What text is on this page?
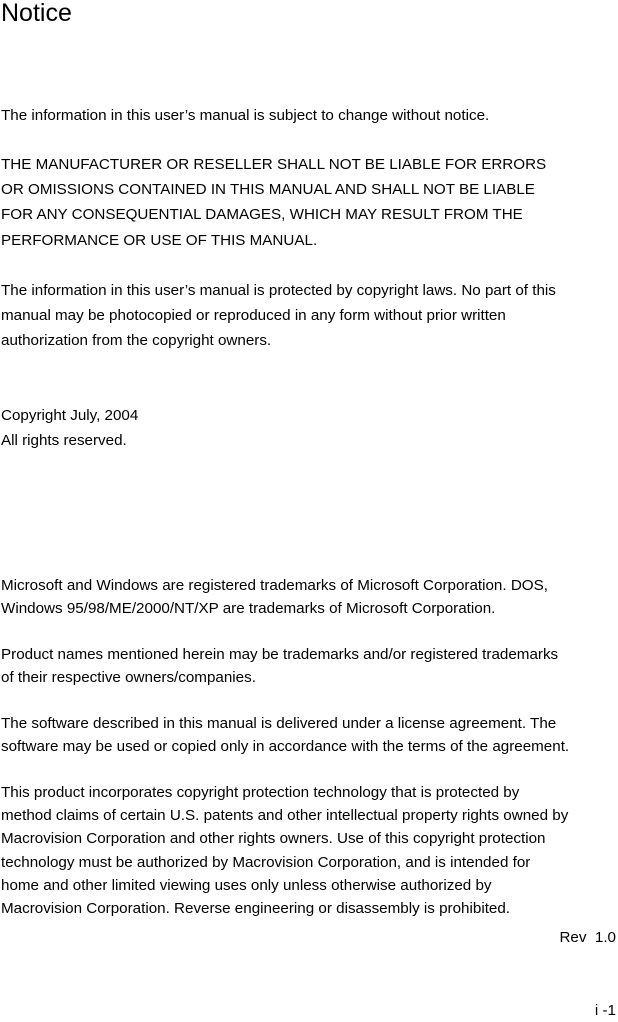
Notice

The information in this user’s manual is subject to change without notice.

THE MANUFACTURER OR RESELLER SHALL NOT BE LIABLE FOR ERRORS
OR OMISSIONS CONTAINED IN THIS MANUAL AND SHALL NOT BE LIABLE
FOR ANY CONSEQUENTIAL DAMAGES, WHICH MAY RESULT FROM THE
PERFORMANCE OR USE OF THIS MANUAL.

The information in this user’s manual is protected by copyright laws. No part of this
manual may be photocopied or reproduced in any form without prior written
authorization from the copyright owners.

Copyright July, 2004
All rights reserved.

Microsoft and Windows are registered trademarks of Microsoft Corporation. DOS,
Windows 95/98/ME/2000/NT/XP are trademarks of Microsoft Corporation.

Product names mentioned herein may be trademarks and/or registered trademarks
of their respective owners/companies.

The software described in this manual is delivered under a license agreement. The
software may be used or copied only in accordance with the terms of the agreement.

This product incorporates copyright protection technology that is protected by
method claims of certain U.S. patents and other intellectual property rights owned by
Macrovision Corporation and other rights owners. Use of this copyright protection
technology must be authorized by Macrovision Corporation, and is intended for
home and other limited viewing uses only unless otherwise authorized by
Macrovision Corporation. Reverse engineering or disassembly is prohibited.

Rev  1.0
i -1
